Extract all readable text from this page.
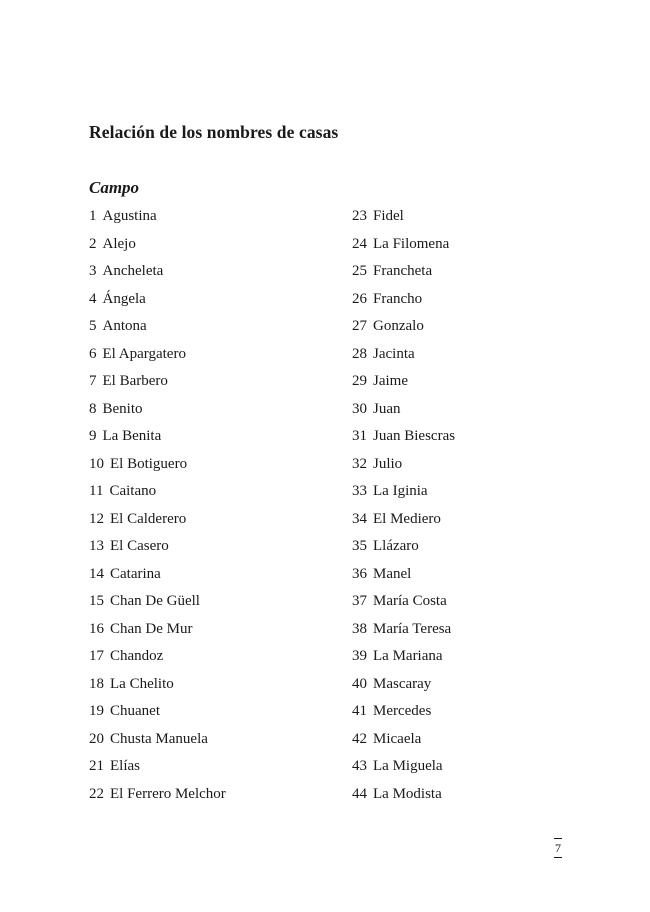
Relación de los nombres de casas
Campo
1 Agustina
2 Alejo
3 Ancheleta
4 Ángela
5 Antona
6 El Apargatero
7 El Barbero
8 Benito
9 La Benita
10 El Botiguero
11 Caitano
12 El Calderero
13 El Casero
14 Catarina
15 Chan De Güell
16 Chan De Mur
17 Chandoz
18 La Chelito
19 Chuanet
20 Chusta Manuela
21 Elías
22 El Ferrero Melchor
23 Fidel
24 La Filomena
25 Francheta
26 Francho
27 Gonzalo
28 Jacinta
29 Jaime
30 Juan
31 Juan Biescras
32 Julio
33 La Iginia
34 El Mediero
35 Llázaro
36 Manel
37 María Costa
38 María Teresa
39 La Mariana
40 Mascaray
41 Mercedes
42 Micaela
43 La Miguela
44 La Modista
7
